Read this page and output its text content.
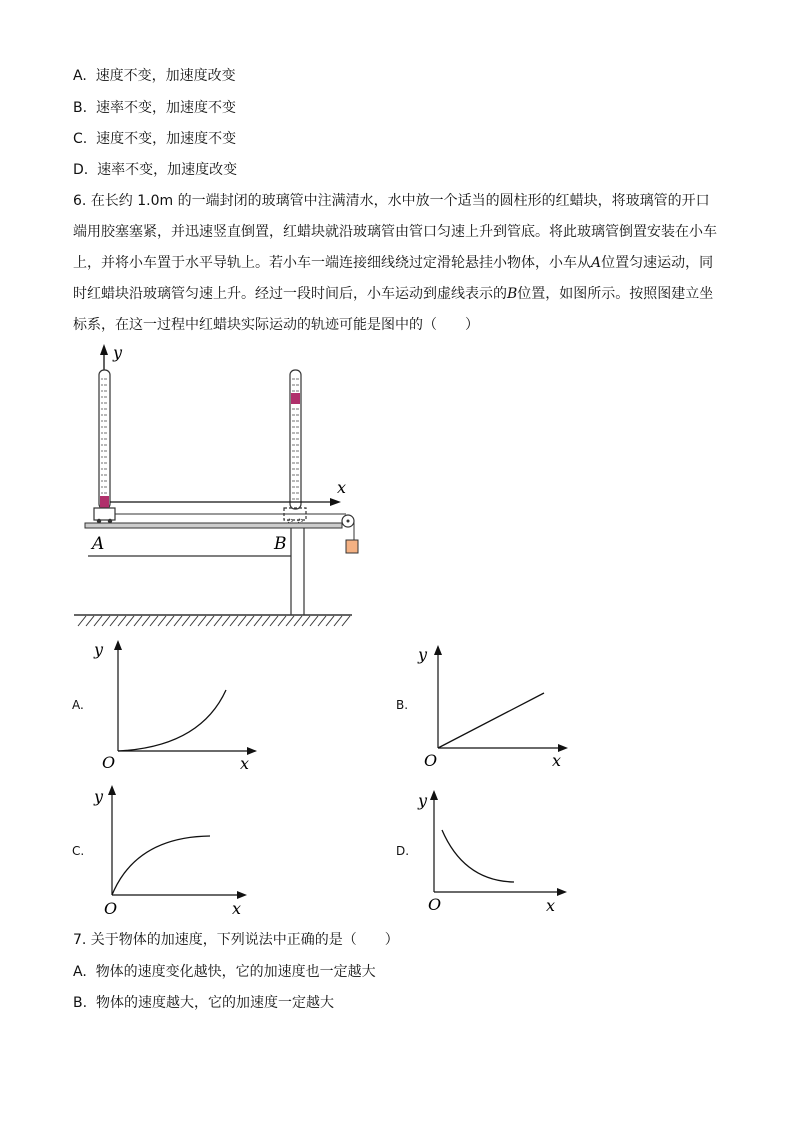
A. 速度不变，加速度改变
B. 速率不变，加速度不变
C. 速度不变，加速度不变
D. 速率不变，加速度改变
6. 在长约 1.0m 的一端封闭的玻璃管中注满清水，水中放一个适当的圆柱形的红蜡块，将玻璃管的开口端用胶塞塞紧，并迅速竖直倒置，红蜡块就沿玻璃管由管口匀速上升到管底。将此玻璃管倒置安装在小车上，并将小车置于水平导轨上。若小车一端连接细线绕过定滑轮悬挂小物体，小车从A位置匀速运动，同时红蜡块沿玻璃管匀速上升。经过一段时间后，小车运动到虚线表示的B位置，如图所示。按照图建立坐标系，在这一过程中红蜡块实际运动的轨迹可能是图中的（　　）
y
x
A	B
A.
O	x
y
B.
O	x
y
C.
O	x
y
D.
O	x
y
7. 关于物体的加速度，下列说法中正确的是（　　）
A. 物体的速度变化越快，它的加速度也一定越大
B. 物体的速度越大，它的加速度一定越大
